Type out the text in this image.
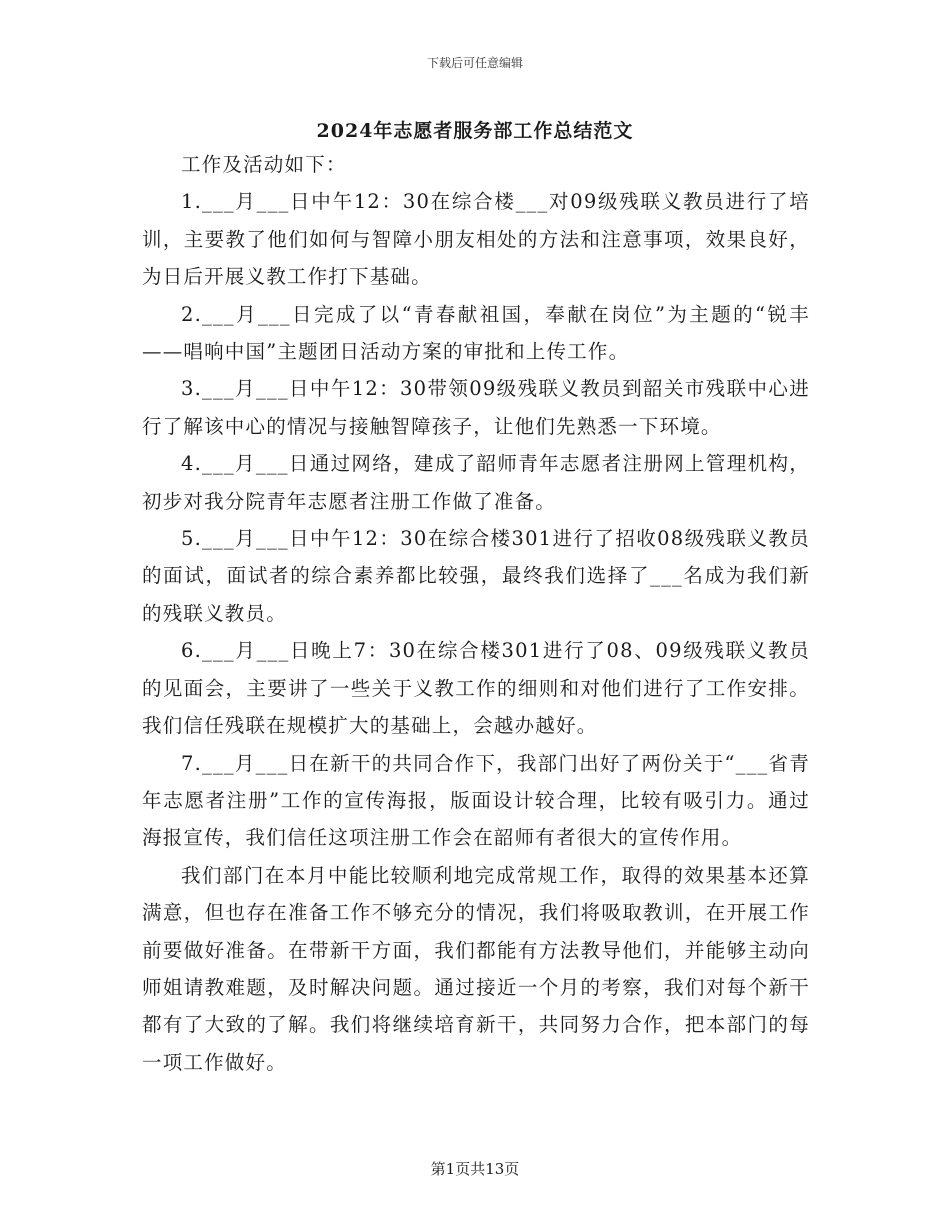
下载后可任意编辑
2024年志愿者服务部工作总结范文

工作及活动如下：

1.___月___日中午12：30在综合楼___对09级残联义教员进行了培训，主要教了他们如何与智障小朋友相处的方法和注意事项，效果良好，为日后开展义教工作打下基础。

2.___月___日完成了以“青春献祖国，奉献在岗位”为主题的“锐丰——唱响中国”主题团日活动方案的审批和上传工作。

3.___月___日中午12：30带领09级残联义教员到韶关市残联中心进行了解该中心的情况与接触智障孩子，让他们先熟悉一下环境。

4.___月___日通过网络，建成了韶师青年志愿者注册网上管理机构，初步对我分院青年志愿者注册工作做了准备。

5.___月___日中午12：30在综合楼301进行了招收08级残联义教员的面试，面试者的综合素养都比较强，最终我们选择了___名成为我们新的残联义教员。

6.___月___日晚上7：30在综合楼301进行了08、09级残联义教员的见面会，主要讲了一些关于义教工作的细则和对他们进行了工作安排。我们信任残联在规模扩大的基础上，会越办越好。

7.___月___日在新干的共同合作下，我部门出好了两份关于“___省青年志愿者注册”工作的宣传海报，版面设计较合理，比较有吸引力。通过海报宣传，我们信任这项注册工作会在韶师有者很大的宣传作用。

我们部门在本月中能比较顺利地完成常规工作，取得的效果基本还算满意，但也存在准备工作不够充分的情况，我们将吸取教训，在开展工作前要做好准备。在带新干方面，我们都能有方法教导他们，并能够主动向师姐请教难题，及时解决问题。通过接近一个月的考察，我们对每个新干都有了大致的了解。我们将继续培育新干，共同努力合作，把本部门的每一项工作做好。

第1页共13页
